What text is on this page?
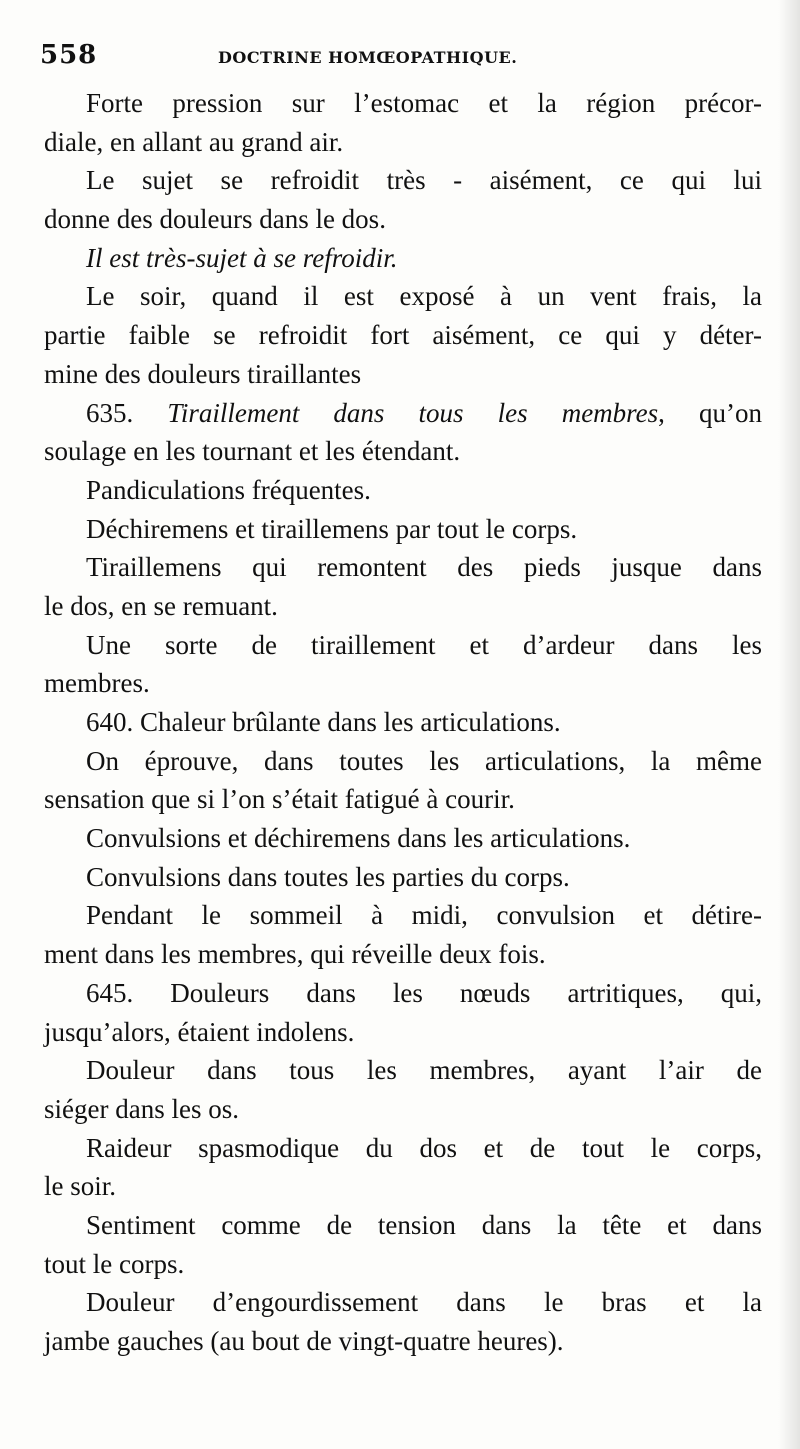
558	DOCTRINE HOMŒOPATHIQUE.
Forte pression sur l’estomac et la région précor-
diale, en allant au grand air.
Le sujet se refroidit très - aisément, ce qui lui
donne des douleurs dans le dos.
Il est très-sujet à se refroidir.
Le soir, quand il est exposé à un vent frais, la
partie faible se refroidit fort aisément, ce qui y déter-
mine des douleurs tiraillantes
635. Tiraillement dans tous les membres, qu’on
soulage en les tournant et les étendant.
Pandiculations fréquentes.
Déchiremens et tiraillemens par tout le corps.
Tiraillemens qui remontent des pieds jusque dans
le dos, en se remuant.
Une sorte de tiraillement et d’ardeur dans les
membres.
640. Chaleur brûlante dans les articulations.
On éprouve, dans toutes les articulations, la même
sensation que si l’on s’était fatigué à courir.
Convulsions et déchiremens dans les articulations.
Convulsions dans toutes les parties du corps.
Pendant le sommeil à midi, convulsion et détire-
ment dans les membres, qui réveille deux fois.
645. Douleurs dans les nœuds artritiques, qui,
jusqu’alors, étaient indolens.
Douleur dans tous les membres, ayant l’air de
siéger dans les os.
Raideur spasmodique du dos et de tout le corps,
le soir.
Sentiment comme de tension dans la tête et dans
tout le corps.
Douleur d’engourdissement dans le bras et la
jambe gauches (au bout de vingt-quatre heures).
